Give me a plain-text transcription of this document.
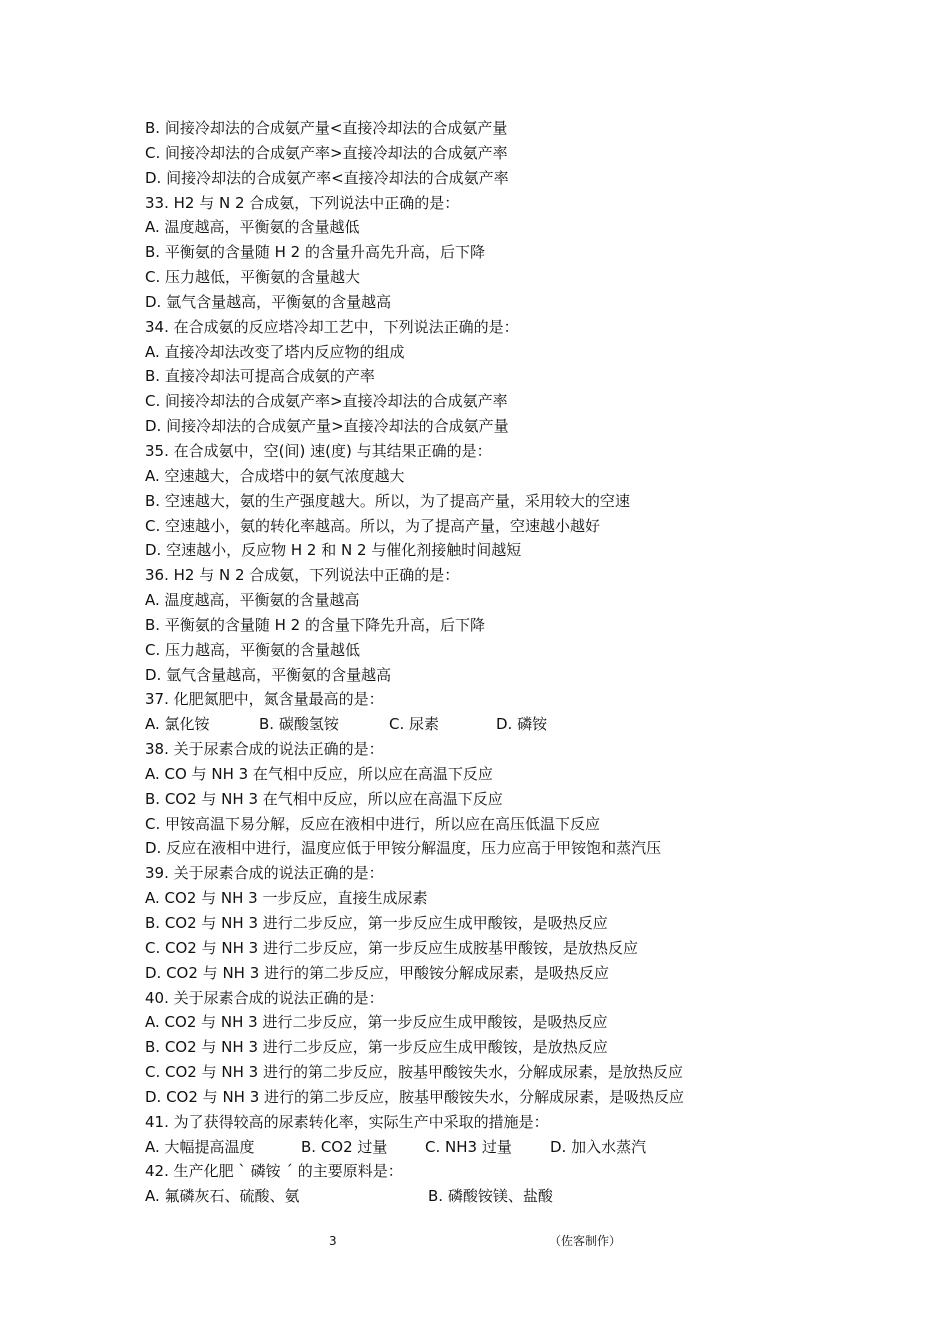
B. 间接冷却法的合成氨产量<直接冷却法的合成氨产量
C. 间接冷却法的合成氨产率>直接冷却法的合成氨产率
D. 间接冷却法的合成氨产率<直接冷却法的合成氨产率
33. H2 与 N 2 合成氨，下列说法中正确的是：
A. 温度越高，平衡氨的含量越低
B. 平衡氨的含量随 H 2 的含量升高先升高，后下降
C. 压力越低，平衡氨的含量越大
D. 氩气含量越高，平衡氨的含量越高
34. 在合成氨的反应塔冷却工艺中，下列说法正确的是：
A. 直接冷却法改变了塔内反应物的组成
B. 直接冷却法可提高合成氨的产率
C. 间接冷却法的合成氨产率>直接冷却法的合成氨产率
D. 间接冷却法的合成氨产量>直接冷却法的合成氨产量
35. 在合成氨中，空(间) 速(度) 与其结果正确的是：
A. 空速越大，合成塔中的氨气浓度越大
B. 空速越大，氨的生产强度越大。所以，为了提高产量，采用较大的空速
C. 空速越小，氨的转化率越高。所以，为了提高产量，空速越小越好
D. 空速越小，反应物 H 2 和 N 2 与催化剂接触时间越短
36. H2 与 N 2 合成氨，下列说法中正确的是：
A. 温度越高，平衡氨的含量越高
B. 平衡氨的含量随 H 2 的含量下降先升高，后下降
C. 压力越高，平衡氨的含量越低
D. 氩气含量越高，平衡氨的含量越高
37. 化肥氮肥中，氮含量最高的是：
A. 氯化铵	B. 碳酸氢铵	C. 尿素	D. 磷铵
38. 关于尿素合成的说法正确的是：
A. CO 与 NH 3 在气相中反应，所以应在高温下反应
B. CO2 与 NH 3 在气相中反应，所以应在高温下反应
C. 甲铵高温下易分解，反应在液相中进行，所以应在高压低温下反应
D. 反应在液相中进行，温度应低于甲铵分解温度，压力应高于甲铵饱和蒸汽压
39. 关于尿素合成的说法正确的是：
A. CO2 与 NH 3 一步反应，直接生成尿素
B. CO2 与 NH 3 进行二步反应，第一步反应生成甲酸铵，是吸热反应
C. CO2 与 NH 3 进行二步反应，第一步反应生成胺基甲酸铵，是放热反应
D. CO2 与 NH 3 进行的第二步反应，甲酸铵分解成尿素，是吸热反应
40. 关于尿素合成的说法正确的是：
A. CO2 与 NH 3 进行二步反应，第一步反应生成甲酸铵，是吸热反应
B. CO2 与 NH 3 进行二步反应，第一步反应生成甲酸铵，是放热反应
C. CO2 与 NH 3 进行的第二步反应，胺基甲酸铵失水，分解成尿素，是放热反应
D. CO2 与 NH 3 进行的第二步反应，胺基甲酸铵失水，分解成尿素，是吸热反应
41. 为了获得较高的尿素转化率，实际生产中采取的措施是：
A. 大幅提高温度	B. CO2 过量	C. NH3 过量	D. 加入水蒸汽
42. 生产化肥 ˋ 磷铵 ˊ 的主要原料是：
A. 氟磷灰石、硫酸、氨	B. 磷酸铵镁、盐酸
3	（佐客制作）
